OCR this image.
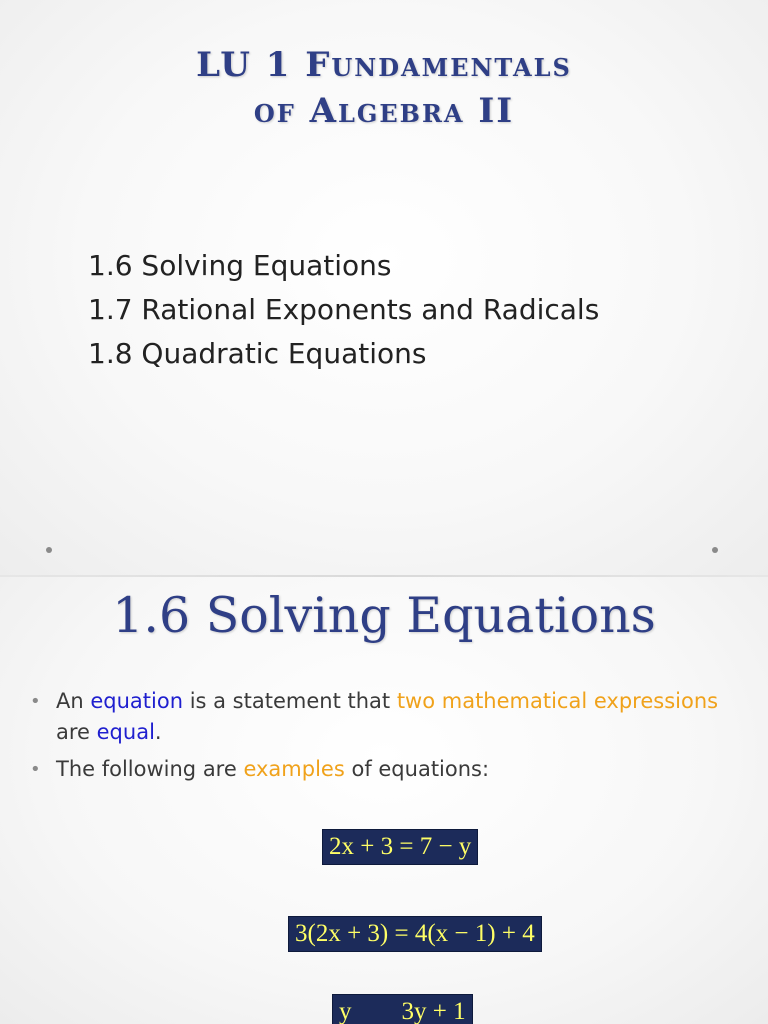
LU 1 Fundamentals
of Algebra II
1.6 Solving Equations
1.7 Rational Exponents and Radicals
1.8 Quadratic Equations
1.6 Solving Equations
• An equation is a statement that two mathematical expressions are equal.
• The following are examples of equations:
2x + 3 = 7 − y
3(2x + 3) = 4(x − 1) + 4
y        3y + 1
